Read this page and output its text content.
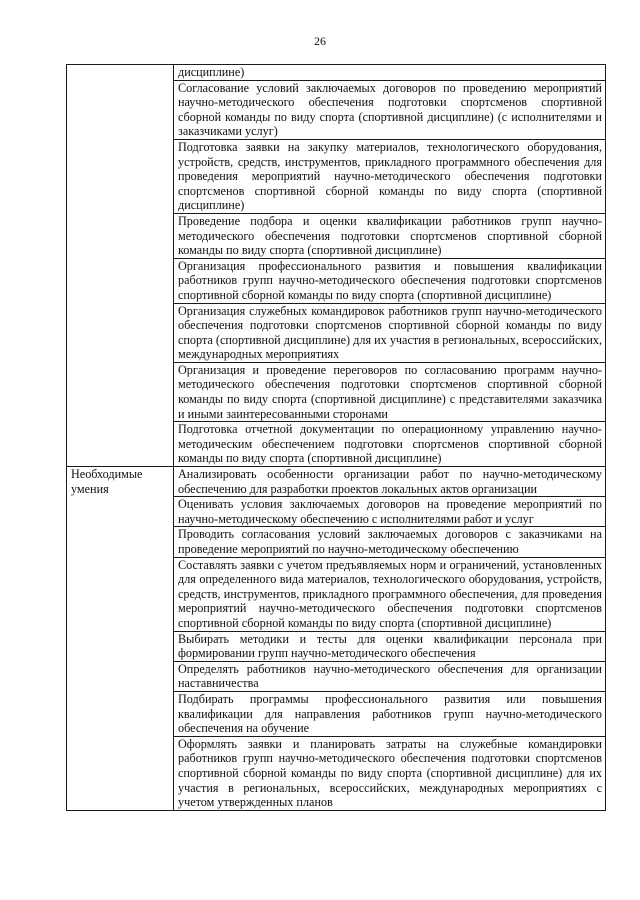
26
	дисциплине)
	Согласование условий заключаемых договоров по проведению мероприятий научно-методического обеспечения подготовки спортсменов спортивной сборной команды по виду спорта (спортивной дисциплине) (с исполнителями и заказчиками услуг)
	Подготовка заявки на закупку материалов, технологического оборудования, устройств, средств, инструментов, прикладного программного обеспечения для проведения мероприятий научно-методического обеспечения подготовки спортсменов спортивной сборной команды по виду спорта (спортивной дисциплине)
	Проведение подбора и оценки квалификации работников групп научно-методического обеспечения подготовки спортсменов спортивной сборной команды по виду спорта (спортивной дисциплине)
	Организация профессионального развития и повышения квалификации работников групп научно-методического обеспечения подготовки спортсменов спортивной сборной команды по виду спорта (спортивной дисциплине)
	Организация служебных командировок работников групп научно-методического обеспечения подготовки спортсменов спортивной сборной команды по виду спорта (спортивной дисциплине) для их участия в региональных, всероссийских, международных мероприятиях
	Организация и проведение переговоров по согласованию программ научно-методического обеспечения подготовки спортсменов спортивной сборной команды по виду спорта (спортивной дисциплине) с представителями заказчика и иными заинтересованными сторонами
	Подготовка отчетной документации по операционному управлению научно-методическим обеспечением подготовки спортсменов спортивной сборной команды по виду спорта (спортивной дисциплине)
Необходимые умения	Анализировать особенности организации работ по научно-методическому обеспечению для разработки проектов локальных актов организации
	Оценивать условия заключаемых договоров на проведение мероприятий по научно-методическому обеспечению с исполнителями работ и услуг
	Проводить согласования условий заключаемых договоров с заказчиками на проведение мероприятий по научно-методическому обеспечению
	Составлять заявки с учетом предъявляемых норм и ограничений, установленных для определенного вида материалов, технологического оборудования, устройств, средств, инструментов, прикладного программного обеспечения, для проведения мероприятий научно-методического обеспечения подготовки спортсменов спортивной сборной команды по виду спорта (спортивной дисциплине)
	Выбирать методики и тесты для оценки квалификации персонала при формировании групп научно-методического обеспечения
	Определять работников научно-методического обеспечения для организации наставничества
	Подбирать программы профессионального развития или повышения квалификации для направления работников групп научно-методического обеспечения на обучение
	Оформлять заявки и планировать затраты на служебные командировки работников групп научно-методического обеспечения подготовки спортсменов спортивной сборной команды по виду спорта (спортивной дисциплине) для их участия в региональных, всероссийских, международных мероприятиях с учетом утвержденных планов
